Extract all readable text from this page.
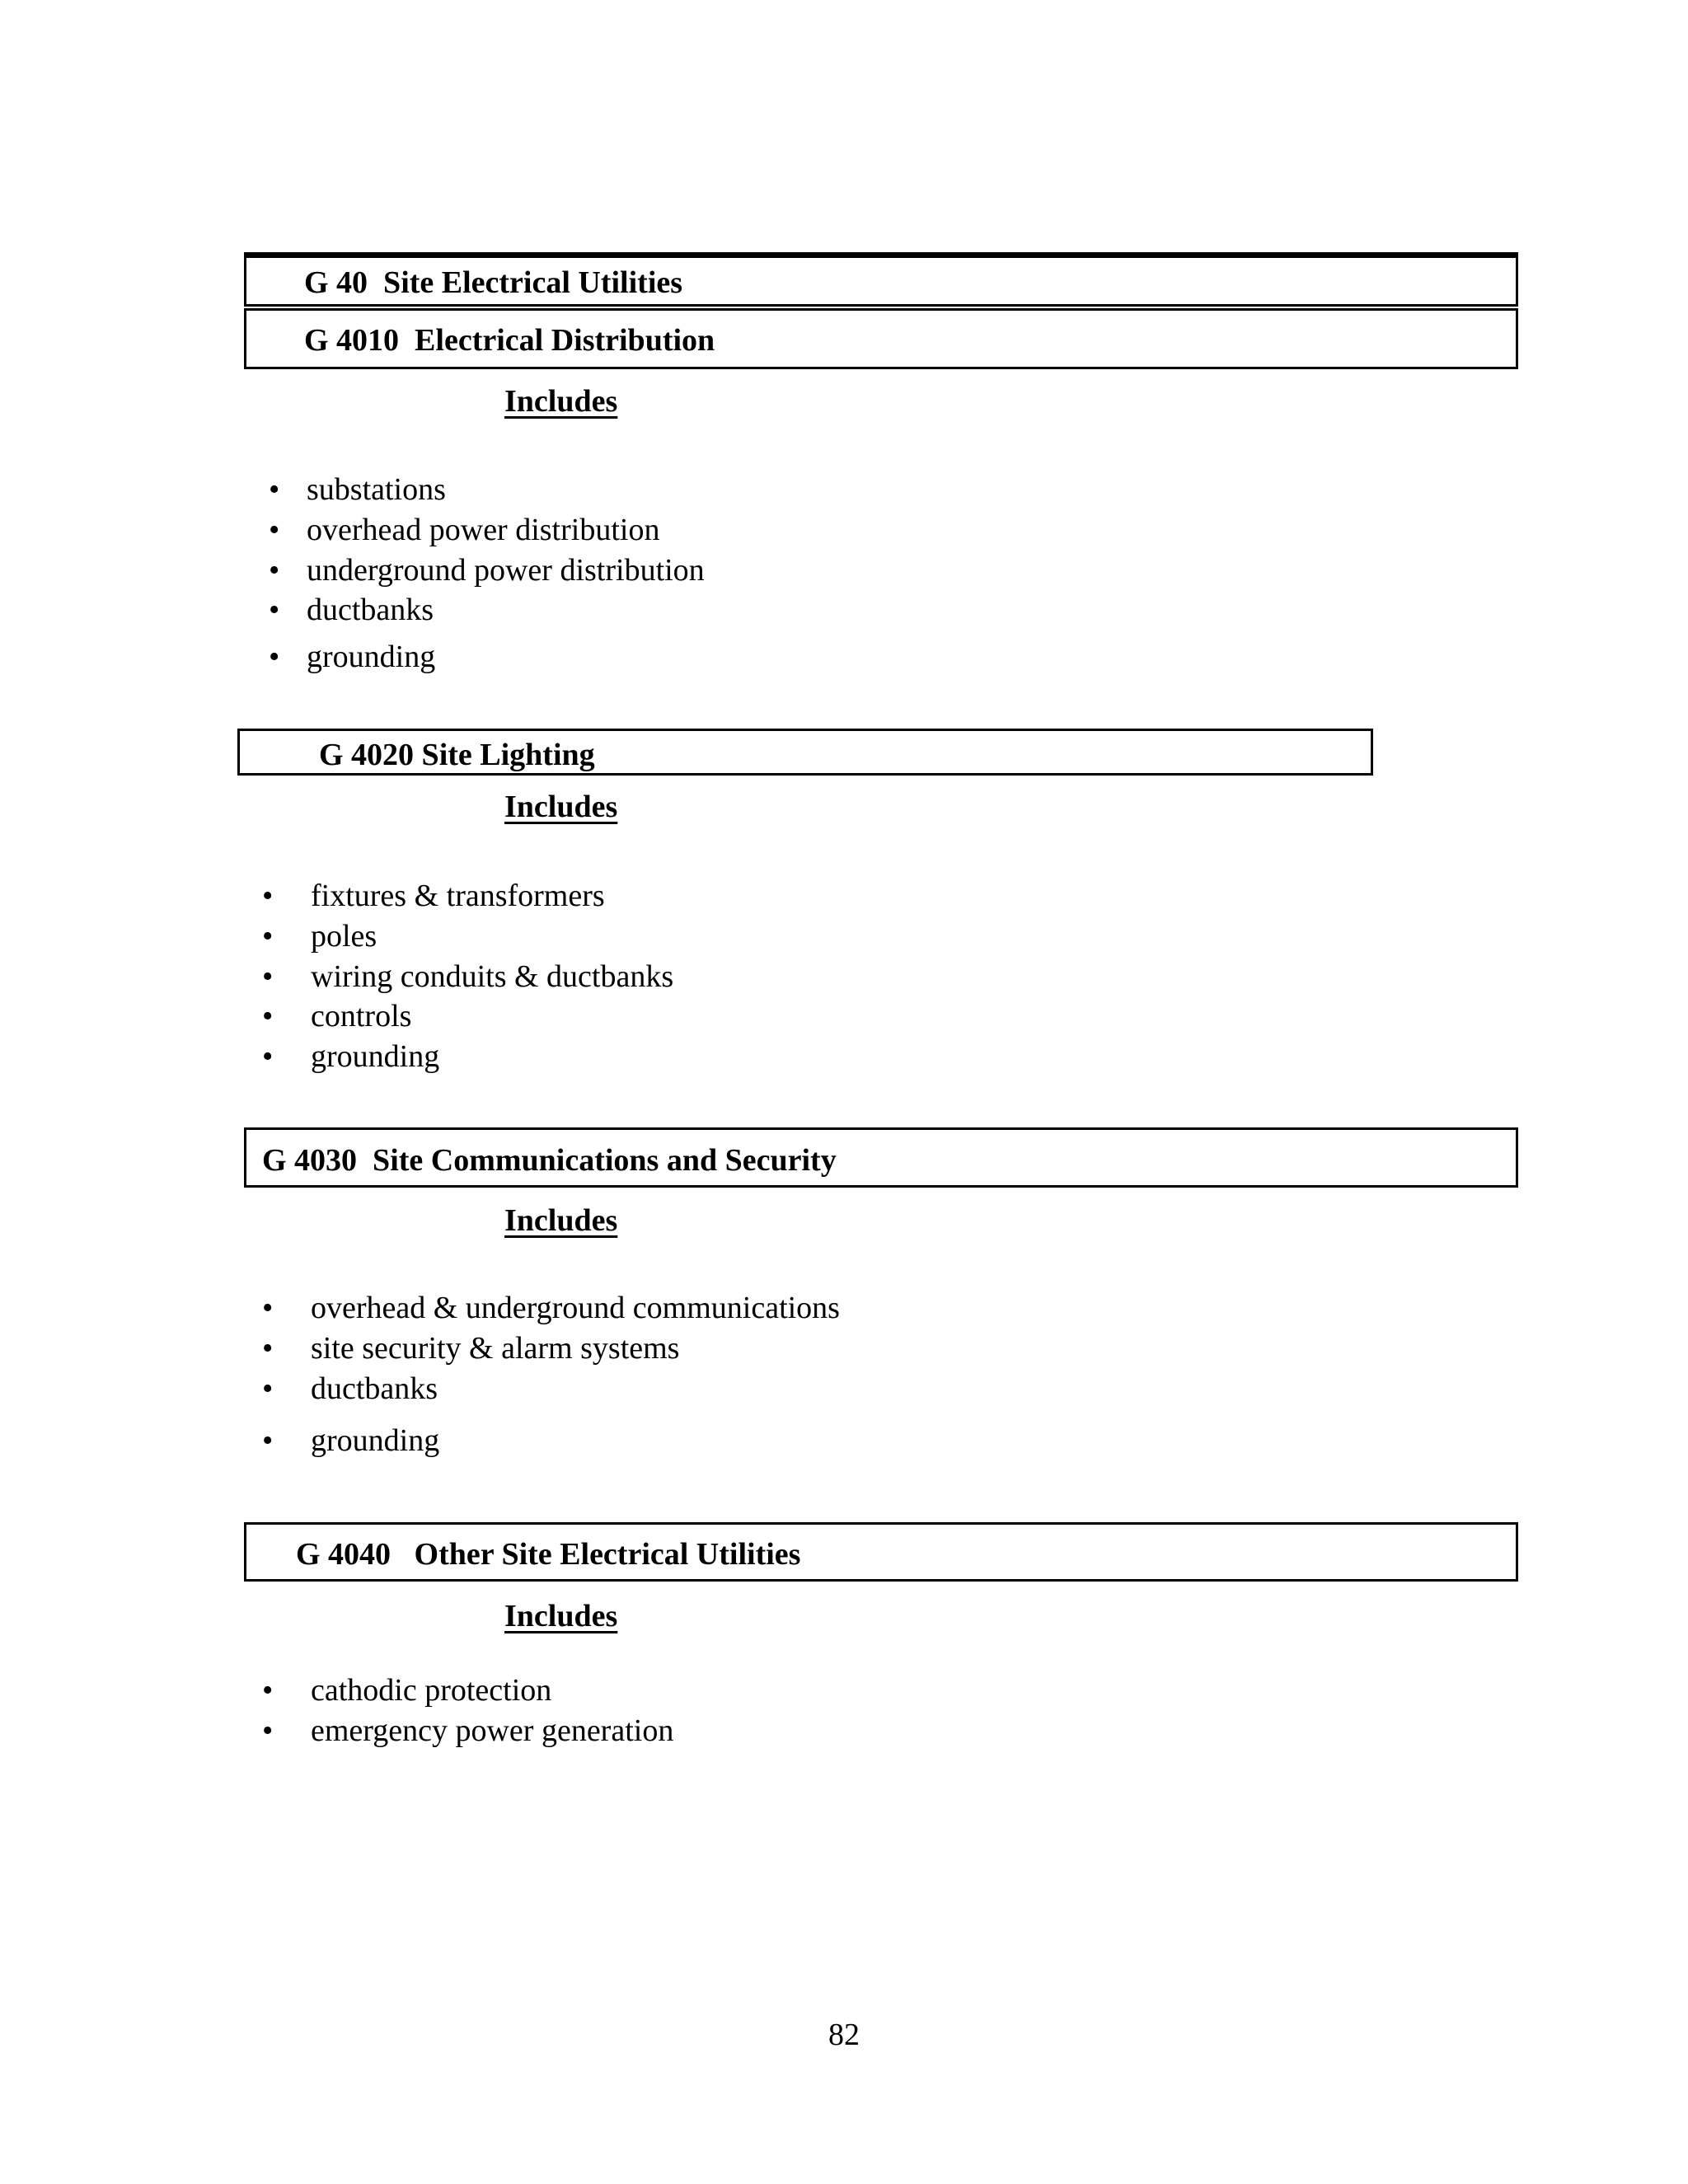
G 40  Site Electrical Utilities
G 4010  Electrical Distribution
Includes
• substations
• overhead power distribution
• underground power distribution
• ductbanks
• grounding
G 4020 Site Lighting
Includes
• fixtures & transformers
• poles
• wiring conduits & ductbanks
• controls
• grounding
G 4030  Site Communications and Security
Includes
• overhead & underground communications
• site security & alarm systems
• ductbanks
• grounding
G 4040   Other Site Electrical Utilities
Includes
• cathodic protection
• emergency power generation
82
